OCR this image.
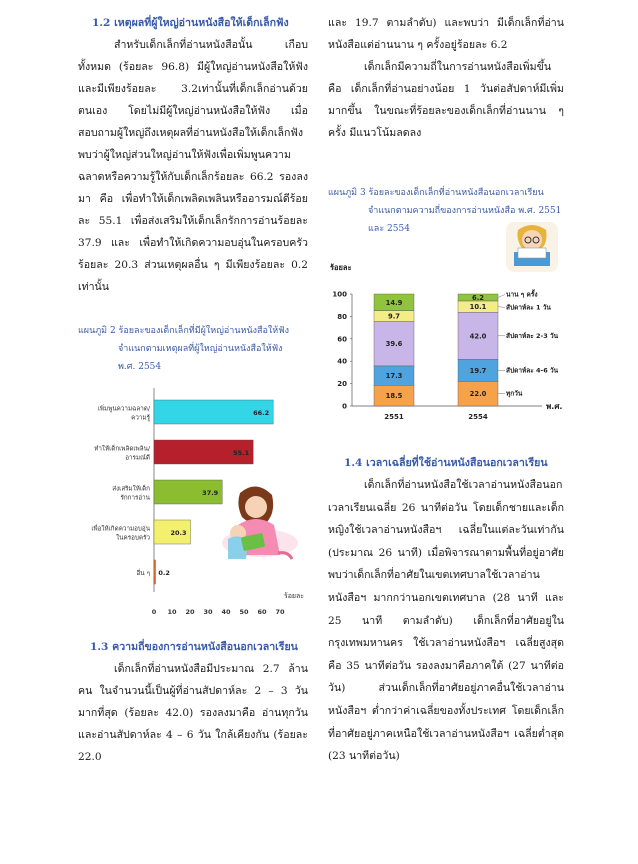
1.2 เหตุผลที่ผู้ใหญ่อ่านหนังสือให้เด็กเล็กฟัง

สำหรับเด็กเล็กที่อ่านหนังสือนั้น เกือบทั้งหมด (ร้อยละ 96.8) มีผู้ใหญ่อ่านหนังสือให้ฟัง และมีเพียงร้อยละ 3.2เท่านั้นที่เด็กเล็กอ่านด้วยตนเอง โดยไม่มีผู้ใหญ่อ่านหนังสือให้ฟัง เมื่อสอบถามผู้ใหญ่ถึงเหตุผลที่อ่านหนังสือให้เด็กเล็กฟัง พบว่าผู้ใหญ่ส่วนใหญ่อ่านให้ฟังเพื่อเพิ่มพูนความฉลาดหรือความรู้ให้กับเด็กเล็กร้อยละ 66.2 รองลงมา คือ เพื่อทำให้เด็กเพลิดเพลินหรืออารมณ์ดีร้อยละ 55.1 เพื่อส่งเสริมให้เด็กเล็กรักการอ่านร้อยละ 37.9 และ เพื่อทำให้เกิดความอบอุ่นในครอบครัวร้อยละ 20.3 ส่วนเหตุผลอื่น ๆ มีเพียงร้อยละ 0.2 เท่านั้น

แผนภูมิ 2 ร้อยละของเด็กเล็กที่มีผู้ใหญ่อ่านหนังสือให้ฟัง

จำแนกตามเหตุผลที่ผู้ใหญ่อ่านหนังสือให้ฟัง

พ.ศ. 2554

เพิ่มพูนความฉลาด/
ความรู้
ทำให้เด็กเพลิดเพลิน/
อารมณ์ดี
ส่งเสริมให้เด็ก
รักการอ่าน
เพื่อให้เกิดความอบอุ่น
ในครอบครัว
อื่น ๆ
0 10 20 30 40 50 60 70
ร้อยละ
66.2
55.1
37.9
20.3
0.2

1.3 ความถี่ของการอ่านหนังสือนอกเวลาเรียน

เด็กเล็กที่อ่านหนังสือมีประมาณ 2.7 ล้านคน ในจำนวนนี้เป็นผู้ที่อ่านสัปดาห์ละ 2 – 3 วัน มากที่สุด (ร้อยละ 42.0) รองลงมาคือ อ่านทุกวัน และอ่านสัปดาห์ละ 4 – 6 วัน ใกล้เคียงกัน (ร้อยละ 22.0

และ 19.7 ตามลำดับ) และพบว่า มีเด็กเล็กที่อ่านหนังสือแต่อ่านนาน ๆ ครั้งอยู่ร้อยละ 6.2

เด็กเล็กมีความถี่ในการอ่านหนังสือเพิ่มขึ้น คือ เด็กเล็กที่อ่านอย่างน้อย 1 วันต่อสัปดาห์มีเพิ่มมากขึ้น ในขณะที่ร้อยละของเด็กเล็กที่อ่านนาน ๆ ครั้ง มีแนวโน้มลดลง

แผนภูมิ 3 ร้อยละของเด็กเล็กที่อ่านหนังสือนอกเวลาเรียน

จำแนกตามความถี่ของการอ่านหนังสือ พ.ศ. 2551

และ 2554

ร้อยละ
0
20
40
60
80
100
พ.ศ.
18.5
17.3
39.6
9.7
14.9
2551
22.0
19.7
42.0
10.1
6.2
2554
ทุกวัน
สัปดาห์ละ 4-6 วัน
สัปดาห์ละ 2-3 วัน
สัปดาห์ละ 1 วัน
นาน ๆ ครั้ง

1.4 เวลาเฉลี่ยที่ใช้อ่านหนังสือนอกเวลาเรียน

เด็กเล็กที่อ่านหนังสือใช้เวลาอ่านหนังสือนอกเวลาเรียนเฉลี่ย 26 นาทีต่อวัน โดยเด็กชายและเด็กหญิงใช้เวลาอ่านหนังสือฯ เฉลี่ยในแต่ละวันเท่ากัน (ประมาณ 26 นาที) เมื่อพิจารณาตามพื้นที่อยู่อาศัย พบว่าเด็กเล็กที่อาศัยในเขตเทศบาลใช้เวลาอ่านหนังสือฯ มากกว่านอกเขตเทศบาล (28 นาที และ 25 นาที ตามลำดับ) เด็กเล็กที่อาศัยอยู่ในกรุงเทพมหานคร ใช้เวลาอ่านหนังสือฯ เฉลี่ยสูงสุด คือ 35 นาทีต่อวัน รองลงมาคือภาคใต้ (27 นาทีต่อวัน) ส่วนเด็กเล็กที่อาศัยอยู่ภาคอื่นใช้เวลาอ่านหนังสือฯ ต่ำกว่าค่าเฉลี่ยของทั้งประเทศ โดยเด็กเล็กที่อาศัยอยู่ภาคเหนือใช้เวลาอ่านหนังสือฯ เฉลี่ยต่ำสุด (23 นาทีต่อวัน)
